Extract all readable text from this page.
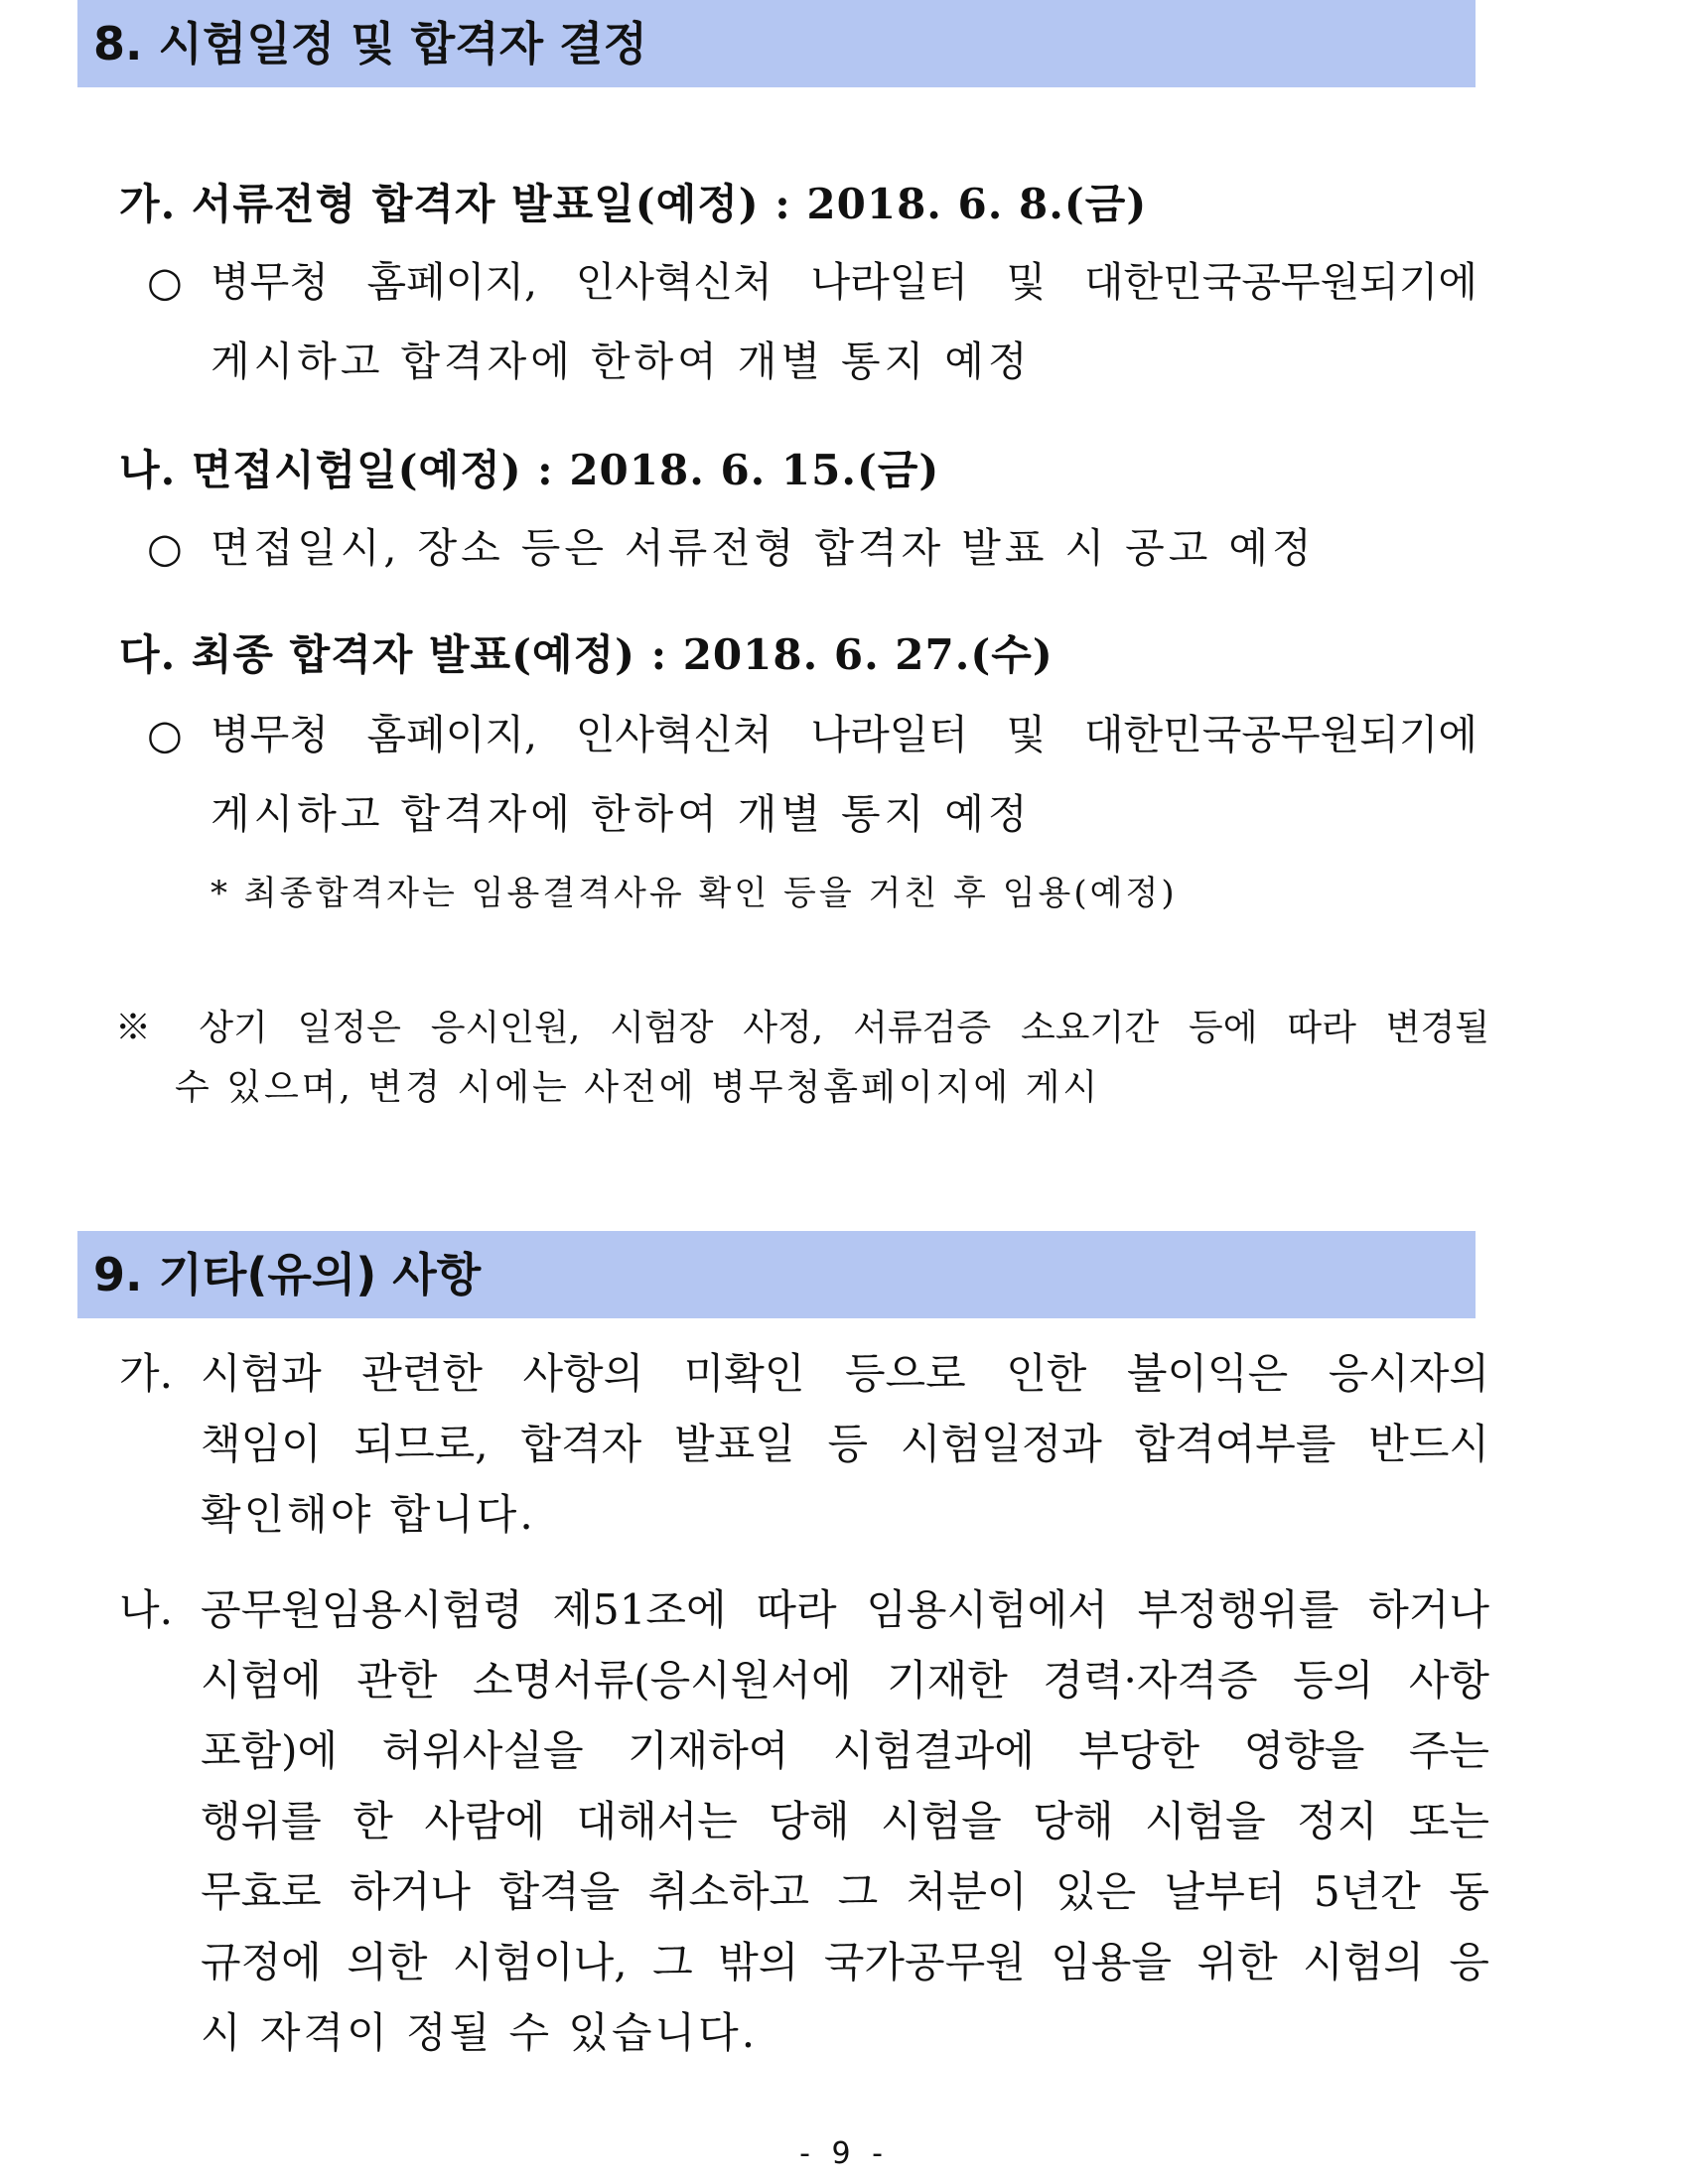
8. 시험일정 및 합격자 결정
가. 서류전형 합격자 발표일(예정) : 2018. 6. 8.(금)
○ 병무청 홈페이지, 인사혁신처 나라일터 및 대한민국공무원되기에
게시하고 합격자에 한하여 개별 통지 예정
나. 면접시험일(예정) : 2018. 6. 15.(금)
○ 면접일시, 장소 등은 서류전형 합격자 발표 시 공고 예정
다. 최종 합격자 발표(예정) : 2018. 6. 27.(수)
○ 병무청 홈페이지, 인사혁신처 나라일터 및 대한민국공무원되기에
게시하고 합격자에 한하여 개별 통지 예정
* 최종합격자는 임용결격사유 확인 등을 거친 후 임용(예정)
※ 상기 일정은 응시인원, 시험장 사정, 서류검증 소요기간 등에 따라 변경될
수 있으며, 변경 시에는 사전에 병무청홈페이지에 게시
9. 기타(유의) 사항
가. 시험과 관련한 사항의 미확인 등으로 인한 불이익은 응시자의
책임이 되므로, 합격자 발표일 등 시험일정과 합격여부를 반드시
확인해야 합니다.
나. 공무원임용시험령 제51조에 따라 임용시험에서 부정행위를 하거나
시험에 관한 소명서류(응시원서에 기재한 경력·자격증 등의 사항
포함)에 허위사실을 기재하여 시험결과에 부당한 영향을 주는
행위를 한 사람에 대해서는 당해 시험을 당해 시험을 정지 또는
무효로 하거나 합격을 취소하고 그 처분이 있은 날부터 5년간 동
규정에 의한 시험이나, 그 밖의 국가공무원 임용을 위한 시험의 응
시 자격이 정될 수 있습니다.
- 9 -
